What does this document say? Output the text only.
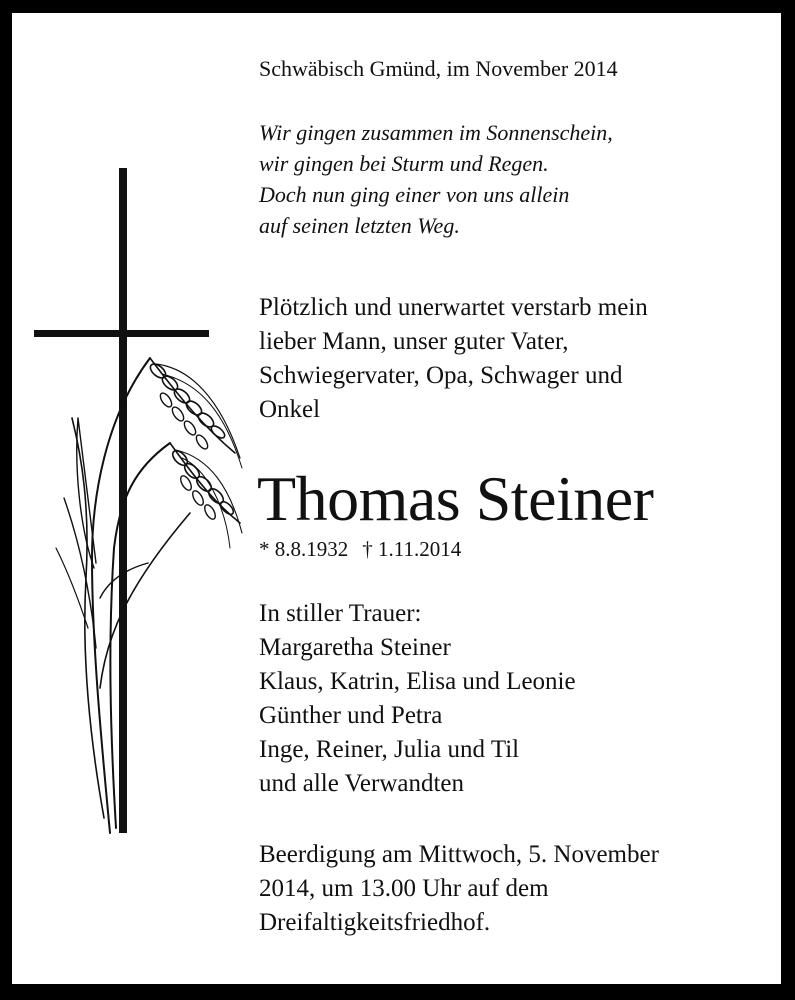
Schwäbisch Gmünd, im November 2014
Wir gingen zusammen im Sonnenschein,
wir gingen bei Sturm und Regen.
Doch nun ging einer von uns allein
auf seinen letzten Weg.
Plötzlich und unerwartet verstarb mein
lieber Mann, unser guter Vater,
Schwiegervater, Opa, Schwager und
Onkel
Thomas Steiner
* 8.8.1932 † 1.11.2014
In stiller Trauer:
Margaretha Steiner
Klaus, Katrin, Elisa und Leonie
Günther und Petra
Inge, Reiner, Julia und Til
und alle Verwandten
Beerdigung am Mittwoch, 5. November
2014, um 13.00 Uhr auf dem
Dreifaltigkeitsfriedhof.
